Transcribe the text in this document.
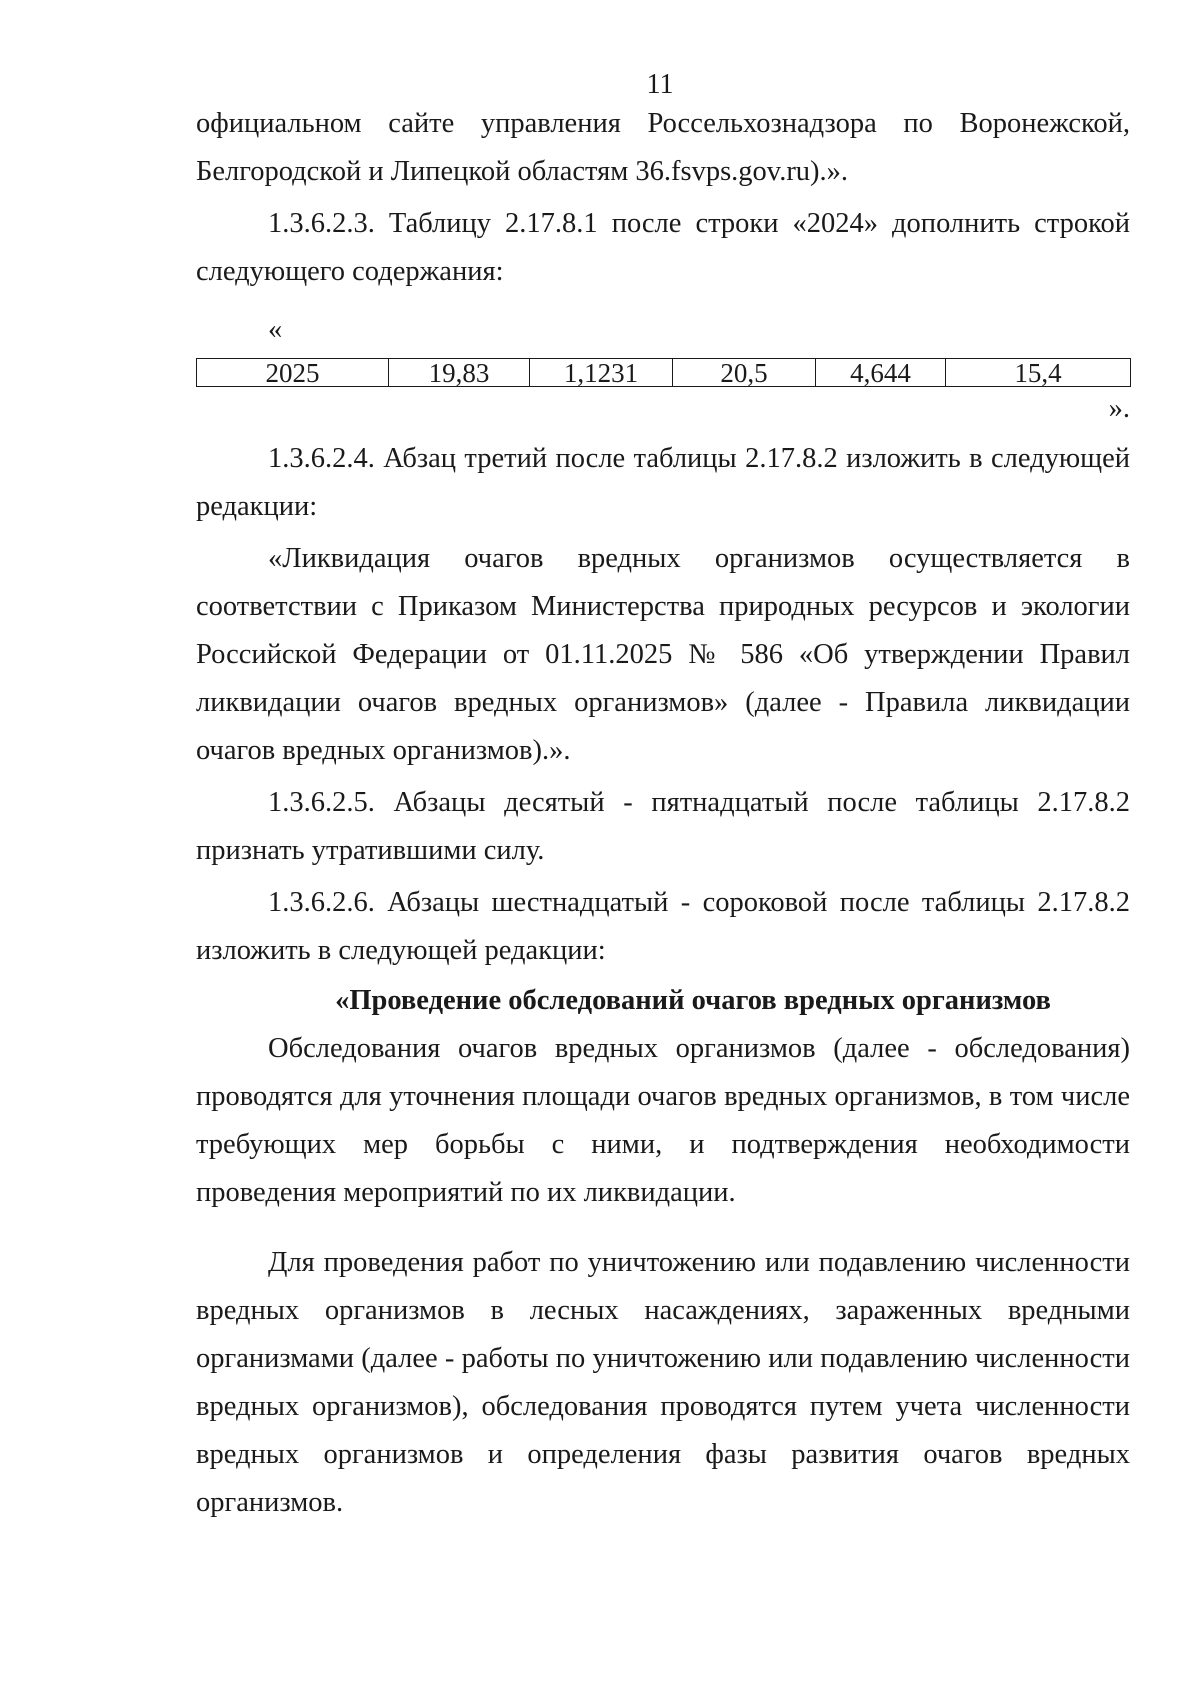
11

официальном сайте управления Россельхознадзора по Воронежской, Белгородской и Липецкой областям 36.fsvps.gov.ru).».

1.3.6.2.3. Таблицу 2.17.8.1 после строки «2024» дополнить строкой следующего содержания:

«
2025	19,83	1,1231	20,5	4,644	15,4
».

1.3.6.2.4. Абзац третий после таблицы 2.17.8.2 изложить в следующей редакции:

«Ликвидация очагов вредных организмов осуществляется в соответствии с Приказом Министерства природных ресурсов и экологии Российской Федерации от 01.11.2025 № 586 «Об утверждении Правил ликвидации очагов вредных организмов» (далее - Правила ликвидации очагов вредных организмов).».

1.3.6.2.5. Абзацы десятый - пятнадцатый после таблицы 2.17.8.2 признать утратившими силу.

1.3.6.2.6. Абзацы шестнадцатый - сороковой после таблицы 2.17.8.2 изложить в следующей редакции:

«Проведение обследований очагов вредных организмов

Обследования очагов вредных организмов (далее - обследования) проводятся для уточнения площади очагов вредных организмов, в том числе требующих мер борьбы с ними, и подтверждения необходимости проведения мероприятий по их ликвидации.

Для проведения работ по уничтожению или подавлению численности вредных организмов в лесных насаждениях, зараженных вредными организмами (далее - работы по уничтожению или подавлению численности вредных организмов), обследования проводятся путем учета численности вредных организмов и определения фазы развития очагов вредных организмов.
